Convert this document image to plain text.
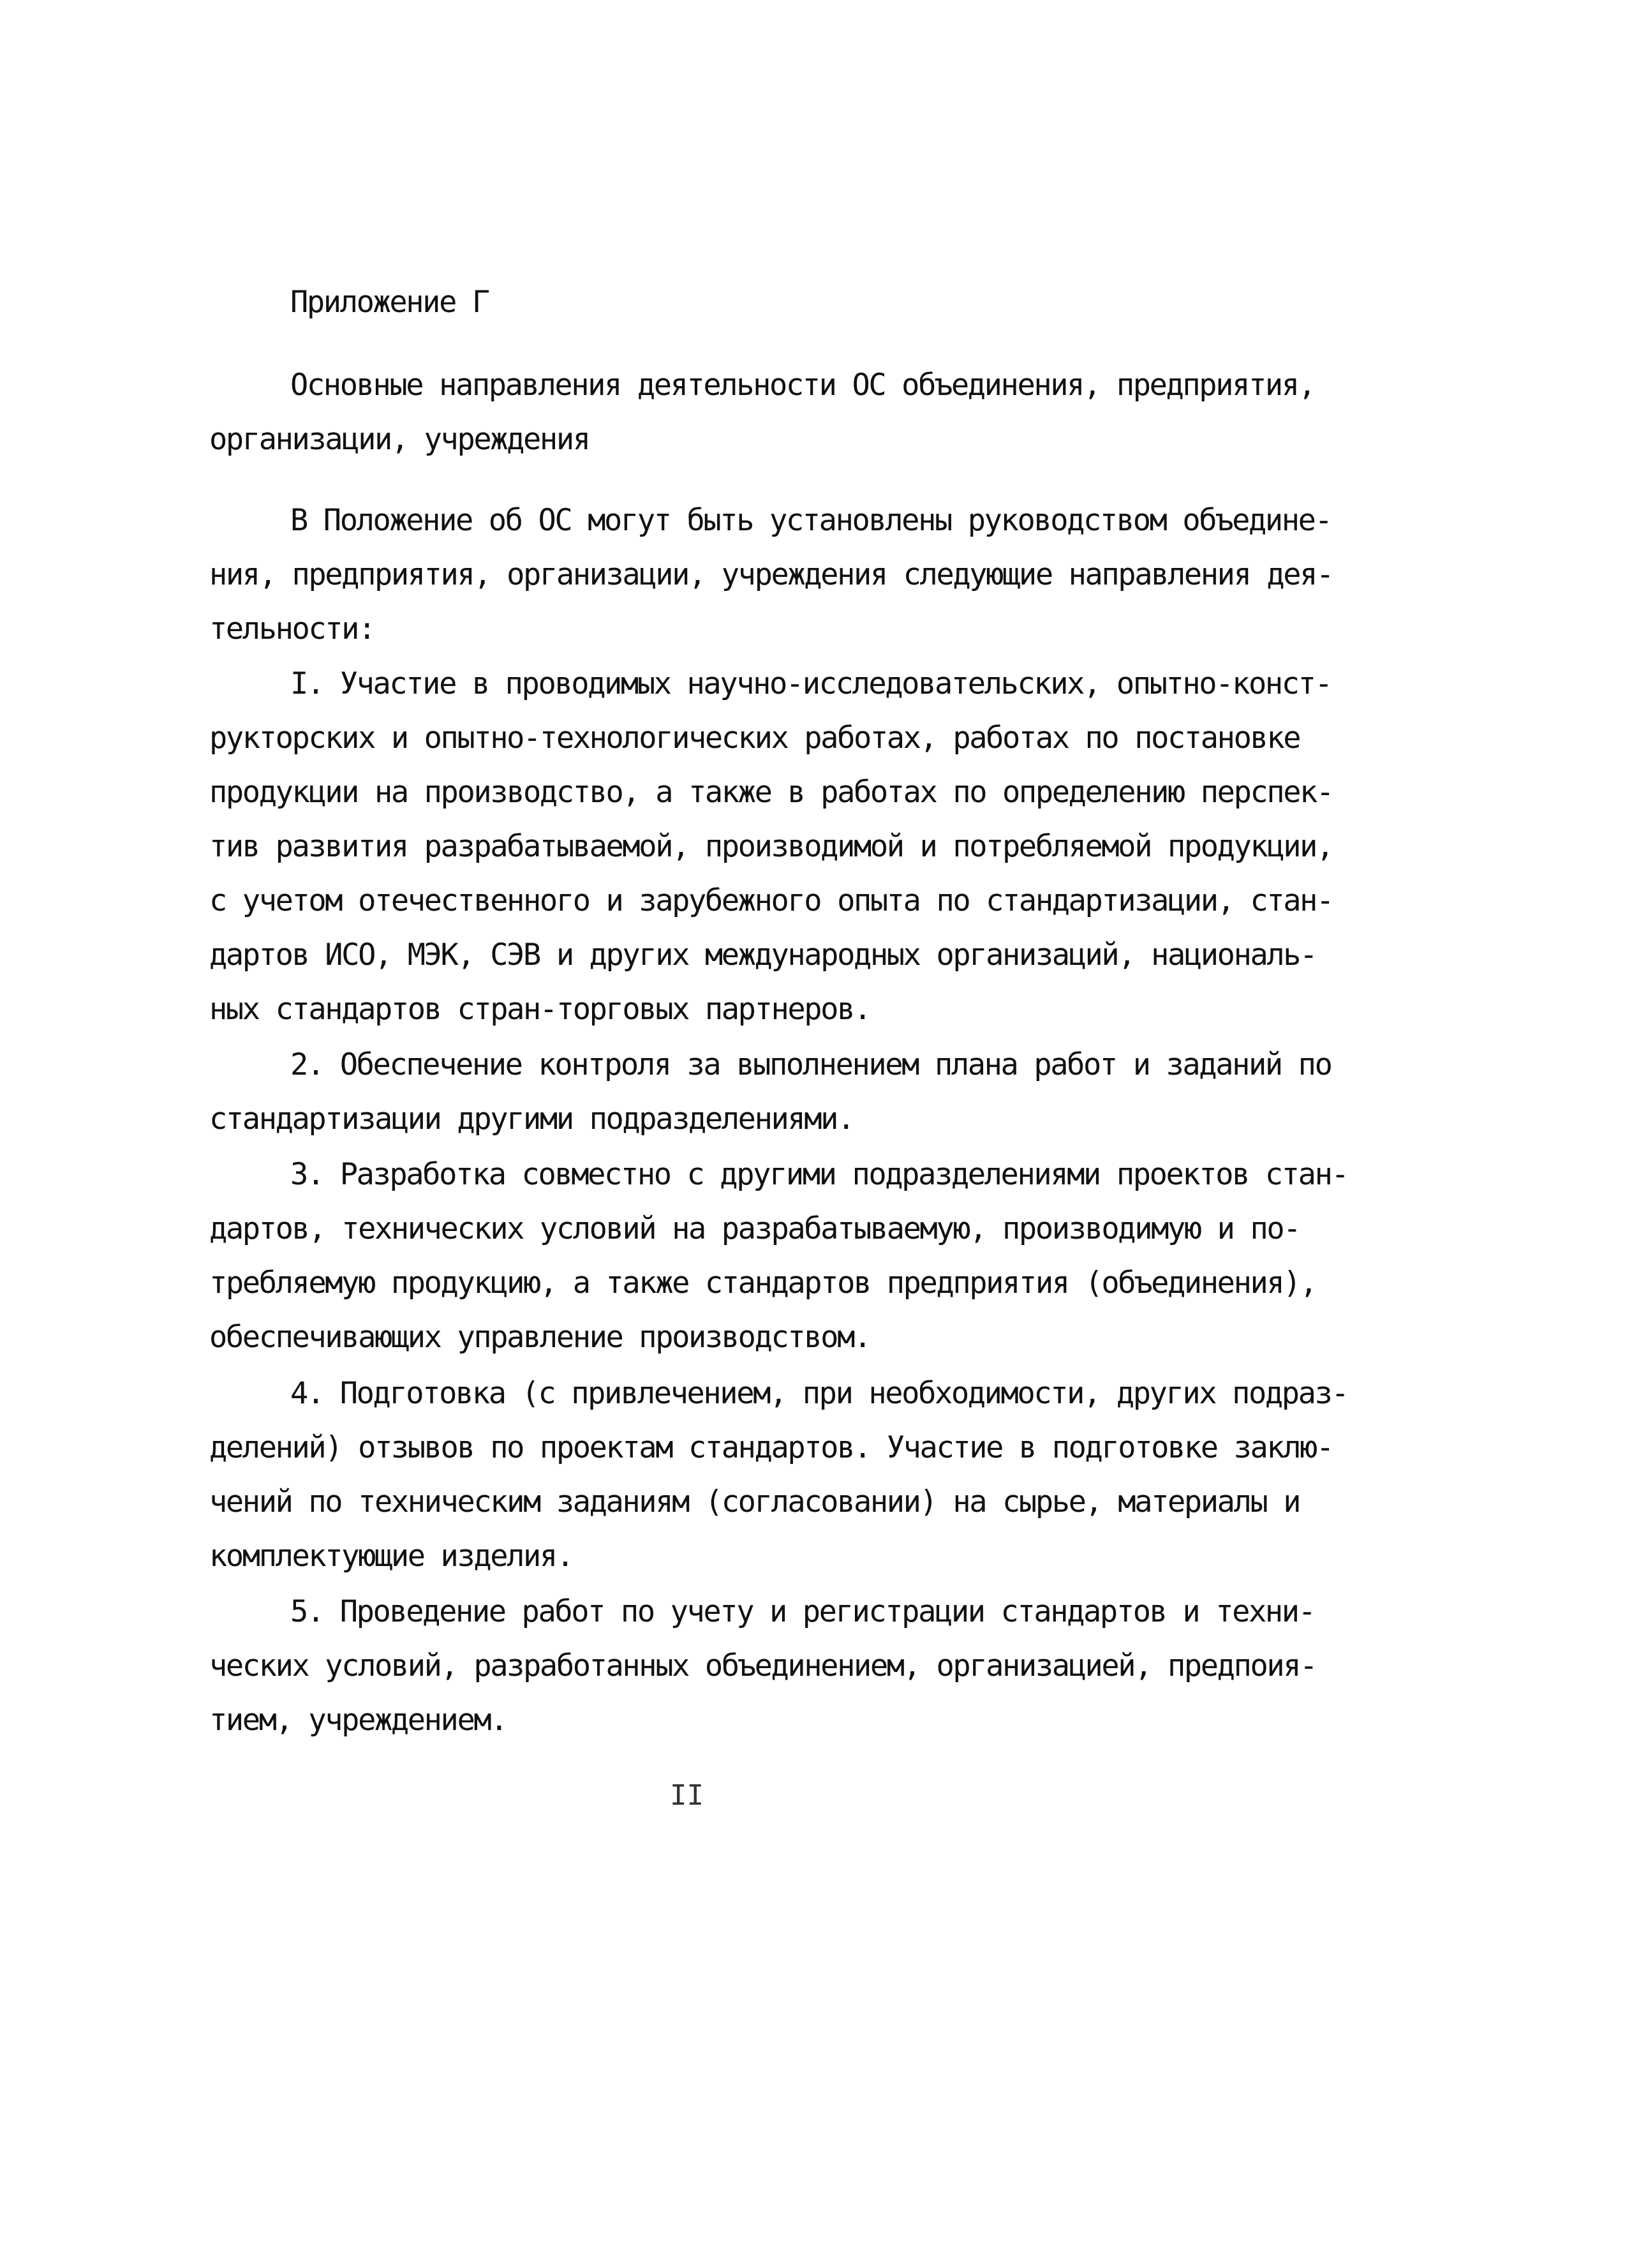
Приложение Г
Основные направления деятельности ОС объединения, предприятия,
организации, учреждения
В Положение об ОС могут быть установлены руководством объедине-
ния, предприятия, организации, учреждения следующие направления дея-
тельности:
I. Участие в проводимых научно-исследовательских, опытно-конст-
рукторских и опытно-технологических работах, работах по постановке
продукции на производство, а также в работах по определению перспек-
тив развития разрабатываемой, производимой и потребляемой продукции,
с учетом отечественного и зарубежного опыта по стандартизации, стан-
дартов ИСО, МЭК, СЭВ и других международных организаций, националь-
ных стандартов стран-торговых партнеров.
2. Обеспечение контроля за выполнением плана работ и заданий по
стандартизации другими подразделениями.
3. Разработка совместно с другими подразделениями проектов стан-
дартов, технических условий на разрабатываемую, производимую и по-
требляемую продукцию, а также стандартов предприятия (объединения),
обеспечивающих управление производством.
4. Подготовка (с привлечением, при необходимости, других подраз-
делений) отзывов по проектам стандартов. Участие в подготовке заклю-
чений по техническим заданиям (согласовании) на сырье, материалы и
комплектующие изделия.
5. Проведение работ по учету и регистрации стандартов и техни-
ческих условий, разработанных объединением, организацией, предпоия-
тием, учреждением.
II
